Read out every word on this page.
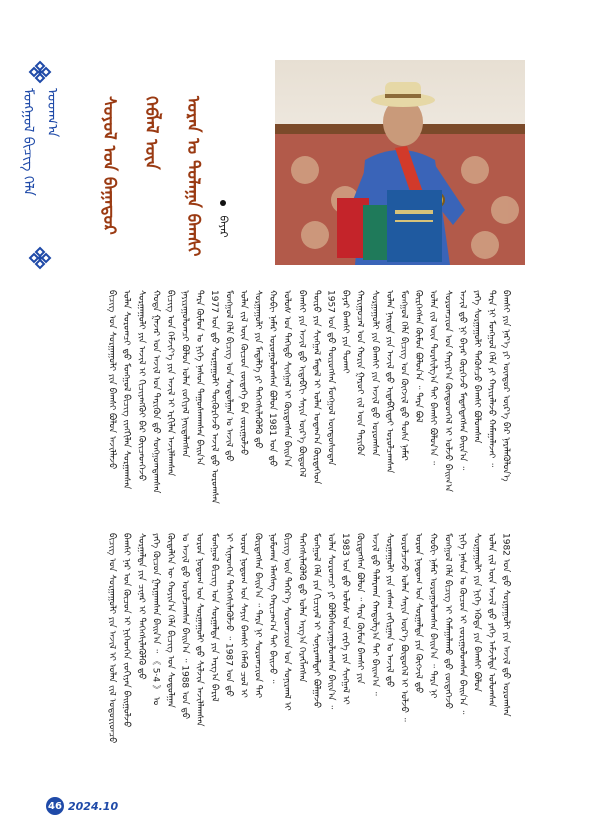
ᠮᠣᠩᠭᠣᠯ ᠪᠢᠴᠢᠭ᠌ ᠬᠡᠯᠡ ᠤᠳᠬ᠎ᠠ ᠰᠣᠶᠤᠯ ᠤᠨ ᠪᠠᠭᠠᠳᠤᠷ ᠬᠡᠪᠯᠡᠯ ᠦᠨ ᠤᠷᠠᠨ ᠤ ᠲᠤᠯᠠᠭᠠ ᠪᠠᠭᠰᠢ	ᠪᠠᠶᠠᠷ
ᠪᠢᠴᠢᠭ ᠤᠨ ᠰᠤᠷᠭᠠᠭᠤᠯᠢ ᠶᠢᠨ ᠪᠠᠭᠰᠢ ᠪᠣᠯᠤᠨ ᠠᠵᠢᠯᠯᠠᠵᠤ ᠣᠯᠠᠨ ᠰᠤᠷᠤᠭᠴᠢ ᠳ᠋ᠤ ᠮᠣᠩᠭᠣᠯ ᠪᠢᠴᠢᠭ ᠵᠢᠩᠬᠢᠯᠡᠨ ᠰᠤᠷᠭᠠᠭᠰᠠᠨ ᠰᠤᠷᠭᠠᠭᠤᠯᠢ ᠶᠢᠨ ᠠᠵᠢᠯ ᠢ ᠬᠢᠴᠢᠶᠡᠩᠭᠦᠢ ᠪᠡᠷ ᠭᠦᠢᠴᠡᠳᠭᠡᠵᠦ ᠬᠣᠳᠠ ᠭᠠᠵᠠᠷ ᠤᠨ ᠠᠵᠢᠯ ᠤᠨ ᠲᠡᠷᠢᠭᠦᠨ ᠳ᠋ᠦ ᠰᠣᠩᠭᠤᠭᠳᠠᠭᠰᠠᠨ ᠪᠢᠴᠢᠭ ᠤᠨ ᠬᠡᠮᠵᠢᠶ᠎ᠡ ᠶᠢᠨ ᠠᠵᠢᠯ ᠢ ᠡᠷᠬᠢᠯᠡᠨ ᠠᠵᠢᠯᠯᠠᠭᠰᠠᠨ ᠨᠠᠶᠢᠷᠠᠭᠤᠯᠤᠭᠴᠢ ᠪᠣᠯᠤᠨ ᠣᠯᠠᠨ ᠵᠣᠬᠢᠶᠠᠯ ᠨᠡᠢᠲᠡᠯᠡᠭᠰᠡᠨ ᠲᠡᠷᠡ ᠬᠦᠮᠦᠨ ᠤ ᠨᠢᠭᠡ ᠨᠠᠰᠤᠨ ᠳᠠᠭᠤᠰᠬᠠᠭᠰᠠᠨ ᠪᠠᠢᠨ᠎ᠠ 1977 ᠣᠨ ᠳ᠋ᠤ ᠰᠤᠷᠭᠠᠭᠤᠯᠢ ᠳᠦᠭᠦᠷᠭᠡᠵᠦ ᠠᠵᠢᠯ ᠳ᠋ᠤ ᠣᠷᠣᠭᠰᠠᠨ ᠮᠣᠩᠭᠣᠯ ᠬᠡᠯᠡ ᠪᠢᠴᠢᠭ ᠤᠨ ᠰᠤᠳᠤᠯᠭᠠᠨ ᠤ ᠠᠵᠢᠯ ᠳ᠋ᠤ ᠣᠯᠠᠨ ᠵᠢᠯ ᠦᠨ ᠬᠦᠴᠦᠨ ᠵᠦᠲᠡᠭᠡ ᠪᠡᠨ ᠵᠣᠷᠢᠭᠤᠯᠵᠤ ᠰᠤᠷᠭᠠᠭᠤᠯᠢ ᠶᠢᠨ ᠮᠡᠳᠡᠯᠭᠡ ᠶᠢ ᠳᠡᠭᠡᠭᠰᠢᠯᠡᠭᠦᠯᠬᠦ ᠳ᠋ᠤ ᠬᠤᠪᠢ ᠨᠡᠮᠡᠷ ᠣᠷᠣᠭᠤᠯᠤᠭᠰᠠᠨ ᠪᠣᠯᠤᠨ 1981 ᠣᠨ ᠳ᠋ᠤ ᠤᠯᠤᠰ ᠤᠨ ᠳᠡᠭᠡᠳᠦ ᠰᠢᠩᠭᠠᠯ ᠢ ᠬᠦᠷᠲᠡᠭᠰᠡᠨ ᠪᠠᠢᠨ᠎ᠠ ᠪᠠᠭᠰᠢ ᠶᠢᠨ ᠠᠵᠢᠯ ᠳ᠋ᠤ ᠢᠳᠡᠪᠬᠢ ᠰᠠᠶᠢᠨ ᠦᠷ᠎ᠡ ᠪᠦᠲᠦᠭᠡᠯ ᠲᠦᠷᠦ ᠶᠢᠨ ᠰᠢᠩᠭᠠᠯ ᠮᠡᠳᠠᠯ ᠢ ᠣᠯᠠᠨ ᠤᠳᠠᠭ᠎ᠠ ᠬᠦᠷᠲᠡᠭᠡᠳ 1957 ᠣᠨ ᠳ᠋ᠤ ᠲᠥᠷᠥᠭᠰᠡᠨ ᠮᠣᠩᠭᠣᠯ ᠦᠨᠳᠦᠰᠦᠲᠡᠨ ᠪᠠᠶᠠᠷ ᠪᠠᠭᠰᠢ ᠶᠢᠨ ᠲᠤᠬᠠᠢ ᠬᠠᠷᠢᠭᠤᠴᠠᠯ ᠤᠨ ᠬᠣᠷᠢᠨ ᠭᠠᠷᠤᠢ ᠵᠢᠯ ᠦᠨ ᠲᠡᠷᠢᠭᠦᠨ ᠰᠤᠷᠭᠠᠭᠤᠯᠢ ᠶᠢᠨ ᠪᠠᠭᠰᠢ ᠶᠢᠨ ᠠᠵᠢᠯ ᠳ᠋ᠤ ᠣᠷᠣᠭᠰᠠᠨ ᠣᠯᠠᠨ ᠨᠡᠢᠲᠡ ᠶᠢᠨ ᠠᠵᠢᠯ ᠳ᠋ᠤ ᠢᠳᠡᠪᠬᠢᠲᠡᠢ ᠣᠷᠣᠯᠴᠠᠭᠰᠠᠨ ᠮᠣᠩᠭᠣᠯ ᠬᠡᠯᠡ ᠪᠢᠴᠢᠭ ᠤᠨ ᠬᠥᠭᠵᠢᠯ ᠳ᠋ᠦ ᠲᠤᠰᠠ ᠨᠡᠮᠡᠷ ᠬᠦᠷᠭᠡᠭᠰᠡᠨ ᠬᠦᠮᠦᠨ ᠪᠣᠯᠤᠨ᠎ᠠ ᠃ ᠲᠡᠷᠡ ᠪᠣᠯ ᠣᠯᠠᠨ ᠵᠢᠯ ᠦᠨ ᠲᠤᠷᠰᠢᠯᠭ᠎ᠠ ᠲᠠᠢ ᠪᠠᠭᠰᠢ ᠪᠣᠯᠤᠨ᠎ᠠ ᠃ ᠰᠤᠷᠤᠭᠴᠢᠳ ᠤᠨ ᠬᠠᠶᠢᠷ᠎ᠠ ᠬᠦᠨᠳᠦᠳᠬᠡᠯ ᠢ ᠣᠯᠵᠤ ᠪᠠᠢᠭ᠎ᠠ ᠠᠵᠢᠯ ᠳ᠋ᠤ ᠨᠢ ᠪᠠᠶᠠᠷ ᠬᠦᠷᠭᠡᠵᠦ ᠮᠡᠳᠡᠭᠳᠡᠭᠰᠡᠨ ᠪᠠᠢᠨ᠎ᠠ ᠃ ᠶᠡᠬᠡ ᠰᠤᠷᠭᠠᠭᠤᠯᠢ ᠲᠡᠭᠦᠰᠴᠦ ᠪᠠᠭᠰᠢ ᠪᠣᠯᠤᠭᠰᠠᠨ ᠲᠡᠷᠡ ᠨᠢ ᠮᠣᠩᠭᠣᠯ ᠬᠡᠯᠡ ᠶᠢ ᠬᠠᠶᠢᠷᠠᠯᠠᠵᠤ ᠬᠠᠮᠠᠭᠠᠯᠠᠵᠠᠢ ᠃ ᠪᠠᠭᠰᠢ ᠶᠢᠨ ᠨᠡᠷ᠎ᠡ ᠶᠢ ᠥᠨᠳᠥᠷ ᠥᠷ᠎ᠡ ᠪᠡᠷ ᠨᠡᠷᠡᠯᠡᠭᠦᠯᠦᠨ᠎ᠡ
ᠪᠢᠴᠢᠭ ᠤᠨ ᠰᠤᠷᠭᠠᠭᠤᠯᠢ ᠶᠢᠨ ᠠᠵᠢᠯ ᠢ ᠣᠯᠠᠨ ᠵᠢᠯ ᠤᠳᠤᠷᠢᠳᠴᠤ ᠪᠠᠭᠰᠢ ᠨᠠᠷ ᠤᠨ ᠬᠦᠴᠦᠨ ᠢ ᠨᠢᠭᠡᠳᠬᠡᠨ ᠵᠣᠬᠢᠶᠠᠨ ᠪᠠᠢᠭᠤᠯᠵᠤ ᠰᠤᠷᠭᠠᠯᠲᠠ ᠶᠢᠨ ᠴᠢᠨᠠᠷ ᠢ ᠳᠡᠭᠡᠭᠰᠢᠯᠡᠭᠦᠯᠬᠦ ᠳ᠋ᠦ ᠶᠡᠬᠡ ᠬᠦᠴᠦᠨ ᠭᠠᠷᠭᠠᠭᠰᠠᠨ ᠪᠠᠢᠨ᠎ᠠ ᠃ 《 5·4 》 ᠤ ᠬᠥᠳᠡᠯᠭᠡᠨ ᠦ ᠬᠣᠶᠢᠨ᠎ᠠ ᠬᠡᠯᠡ ᠪᠢᠴᠢᠭ ᠤᠨ ᠰᠤᠳᠤᠯᠭᠠᠨ ᠤ ᠠᠵᠢᠯ ᠳ᠋ᠤ ᠣᠷᠣᠯᠴᠠᠭᠰᠠᠨ ᠪᠠᠢᠨ᠎ᠠ ᠃ 1988 ᠣᠨ ᠳ᠋ᠤ ᠣᠷᠣᠨ ᠨᠤᠲᠤᠭ ᠤᠨ ᠰᠤᠷᠭᠠᠭᠤᠯᠢ ᠳ᠋ᠤ ᠰᠢᠯᠵᠢᠨ ᠠᠵᠢᠯᠯᠠᠭᠰᠠᠨ ᠮᠣᠩᠭᠣᠯ ᠪᠢᠴᠢᠭ ᠤᠨ ᠰᠤᠷᠭᠠᠯᠲᠠ ᠶᠢᠨ ᠠᠷᠭ᠎ᠠ ᠪᠠᠷᠢᠯ ᠢ ᠰᠢᠨᠡᠳᠭᠡᠨ ᠳᠡᠭᠡᠭᠰᠢᠯᠡᠭᠦᠯᠵᠦ ᠃ 1987 ᠣᠨ ᠳ᠋ᠤ ᠣᠷᠣᠨ ᠨᠤᠲᠤᠭ ᠤᠨ ᠰᠠᠶᠢᠨ ᠪᠠᠭᠰᠢ ᠬᠡᠮᠡᠬᠦ ᠴᠣᠯ ᠢ ᠬᠦᠷᠲᠡᠭᠰᠡᠨ ᠪᠠᠢᠨ᠎ᠠ ᠃ ᠲᠡᠷᠡ ᠨᠢ ᠰᠤᠷᠤᠭᠴᠢᠳ ᠲᠠᠢ ᠨᠣᠮᠤᠬᠠᠨ ᠡᠯᠡᠭᠰᠡᠭ ᠬᠠᠷᠢᠴᠠᠭ᠎ᠠ ᠲᠠᠢ ᠪᠠᠢᠵᠤ ᠃ ᠪᠢᠴᠢᠭ ᠦᠨ ᠳᠡᠭᠡᠷ᠎ᠡ ᠰᠤᠷᠤᠭᠴᠢᠳ ᠤᠨ ᠰᠣᠨᠢᠷᠬᠠᠯ ᠢ ᠳᠡᠭᠡᠭᠰᠢᠯᠡᠭᠦᠯᠬᠦ ᠳ᠋ᠦ ᠣᠯᠠᠨ ᠠᠷᠭ᠎ᠠ ᠬᠡᠷᠡᠭᠯᠡᠭᠰᠡᠨ ᠮᠣᠩᠭᠣᠯ ᠬᠡᠯᠡ ᠶᠢᠨ ᠬᠢᠴᠢᠶᠡᠯ ᠢ ᠰᠣᠨᠢᠷᠬᠠᠯᠲᠠᠢ ᠪᠣᠯᠭᠠᠵᠤ ᠣᠯᠠᠨ ᠰᠤᠷᠤᠭᠴᠢ ᠶᠢ ᠪᠣᠯᠪᠠᠰᠤᠷᠠᠭᠤᠯᠤᠭᠰᠠᠨ ᠪᠠᠢᠨ᠎ᠠ ᠃ 1983 ᠣᠨ ᠳ᠋ᠤ ᠤᠯᠤᠰ ᠤᠨ ᠵᠡᠷᠭᠡ ᠶᠢᠨ ᠰᠢᠩᠭᠠᠯ ᠢ ᠬᠦᠷᠲᠡᠭᠰᠡᠨ ᠪᠣᠯᠤᠨ ᠃ ᠲᠡᠷᠡ ᠬᠦᠮᠦᠨ ᠪᠠᠭᠰᠢ ᠶᠢᠨ ᠠᠵᠢᠯ ᠳ᠋ᠤ ᠲᠠᠯᠠᠷᠬᠠᠨ ᠬᠠᠨᠳᠤᠯᠭ᠎ᠠ ᠲᠠᠢ ᠪᠠᠢᠭ᠎ᠠ ᠃ ᠰᠤᠷᠭᠠᠭᠤᠯᠢ ᠶᠢᠨ ᠵᠠᠰᠠᠭ ᠵᠠᠬᠢᠷᠭᠠᠨ ᠤ ᠠᠵᠢᠯ ᠳ᠋ᠤ ᠣᠷᠣᠯᠴᠠᠵᠤ ᠣᠯᠠᠨ ᠰᠠᠶᠢᠨ ᠦᠷ᠎ᠡ ᠪᠦᠲᠦᠭᠡᠯ ᠢ ᠣᠯᠵᠤ ᠃ ᠣᠷᠣᠨ ᠨᠤᠲᠤᠭ ᠤᠨ ᠰᠤᠷᠭᠠᠯᠲᠠ ᠶᠢᠨ ᠬᠥᠭᠵᠢᠯ ᠳ᠋ᠦ ᠬᠤᠪᠢ ᠨᠡᠮᠡᠷ ᠣᠷᠣᠭᠤᠯᠤᠭᠰᠠᠨ ᠪᠠᠢᠨ᠎ᠠ ᠃ ᠲᠡᠷᠡ ᠨᠢ ᠮᠣᠩᠭᠣᠯ ᠬᠡᠯᠡ ᠪᠢᠴᠢᠭ ᠢ ᠬᠠᠮᠠᠭᠠᠯᠠᠬᠤ ᠳ᠋ᠤ ᠵᠦᠲᠡᠭᠡᠵᠦ ᠨᠢᠭᠡ ᠨᠠᠰᠤᠨ ᠤ ᠬᠦᠴᠦᠨ ᠢ ᠵᠣᠷᠢᠭᠤᠯᠤᠭᠰᠠᠨ ᠪᠠᠢᠨ᠎ᠠ ᠃ ᠰᠤᠷᠭᠠᠭᠤᠯᠢ ᠶᠢᠨ ᠨᠢᠭᠡ ᠡᠭᠦᠳᠡ ᠶᠢᠨ ᠪᠠᠭᠰᠢ ᠪᠣᠯᠤᠨ ᠣᠯᠠᠨ ᠵᠢᠯ ᠦᠨ ᠠᠵᠢᠯ ᠳ᠋ᠤ ᠶᠡᠬᠡ ᠠᠮᠵᠢᠯᠲᠠ ᠣᠯᠤᠭᠰᠠᠨ 1982 ᠣᠨ ᠳ᠋ᠤ ᠰᠤᠷᠭᠠᠭᠤᠯᠢ ᠶᠢᠨ ᠠᠵᠢᠯ ᠳ᠋ᠤ ᠣᠷᠣᠭᠰᠠᠨ
46 2024.10
